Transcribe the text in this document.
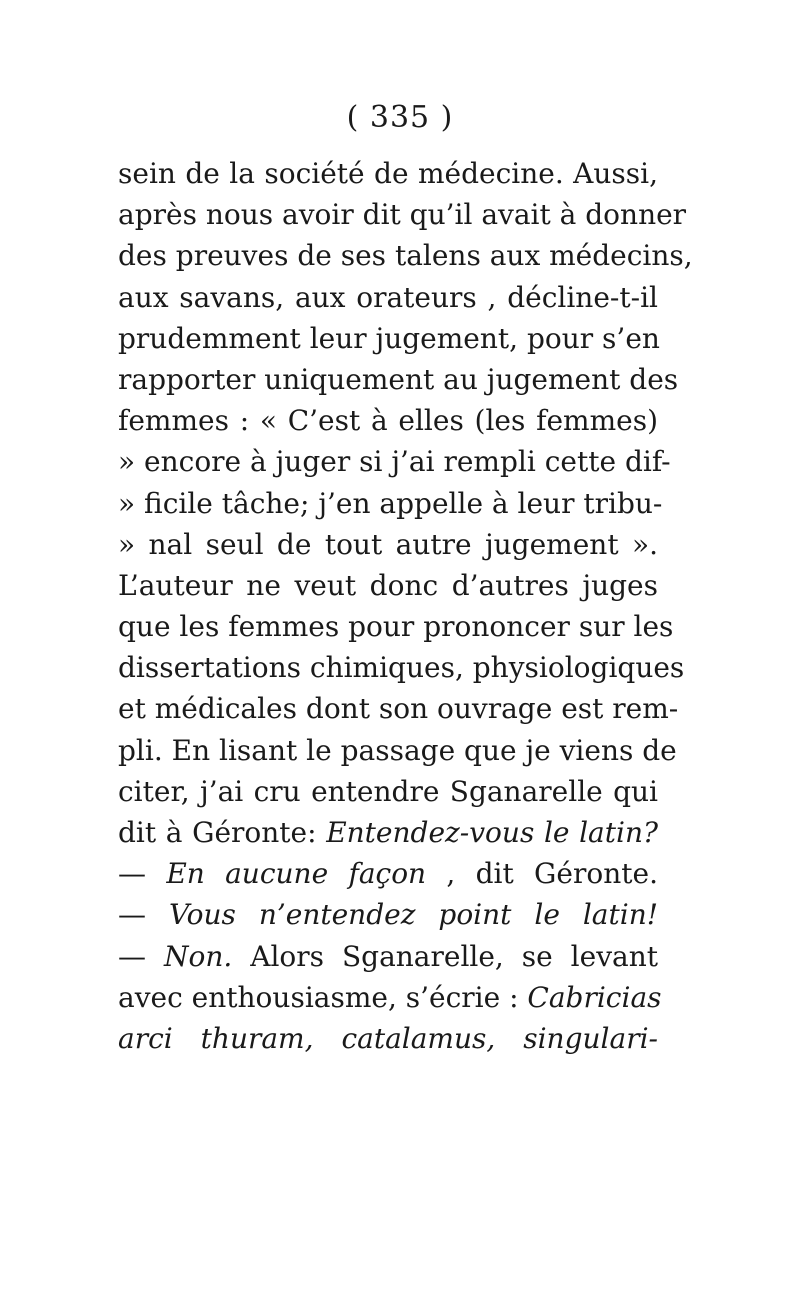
( 335 )
sein de la société de médecine. Aussi,
après nous avoir dit qu’il avait à donner
des preuves de ses talens aux médecins,
aux savans, aux orateurs , décline-t-il
prudemment leur jugement, pour s’en
rapporter uniquement au jugement des
femmes : « C’est à elles (les femmes)
» encore à juger si j’ai rempli cette dif-
» ficile tâche; j’en appelle à leur tribu-
» nal seul de tout autre jugement ».
L’auteur ne veut donc d’autres juges
que les femmes pour prononcer sur les
dissertations chimiques, physiologiques
et médicales dont son ouvrage est rem-
pli. En lisant le passage que je viens de
citer, j’ai cru entendre Sganarelle qui
dit à Géronte: Entendez-vous le latin?
— En aucune façon , dit Géronte.
— Vous n’entendez point le latin!
— Non. Alors Sganarelle, se levant
avec enthousiasme, s’écrie : Cabricias
arci thuram, catalamus, singulari-
